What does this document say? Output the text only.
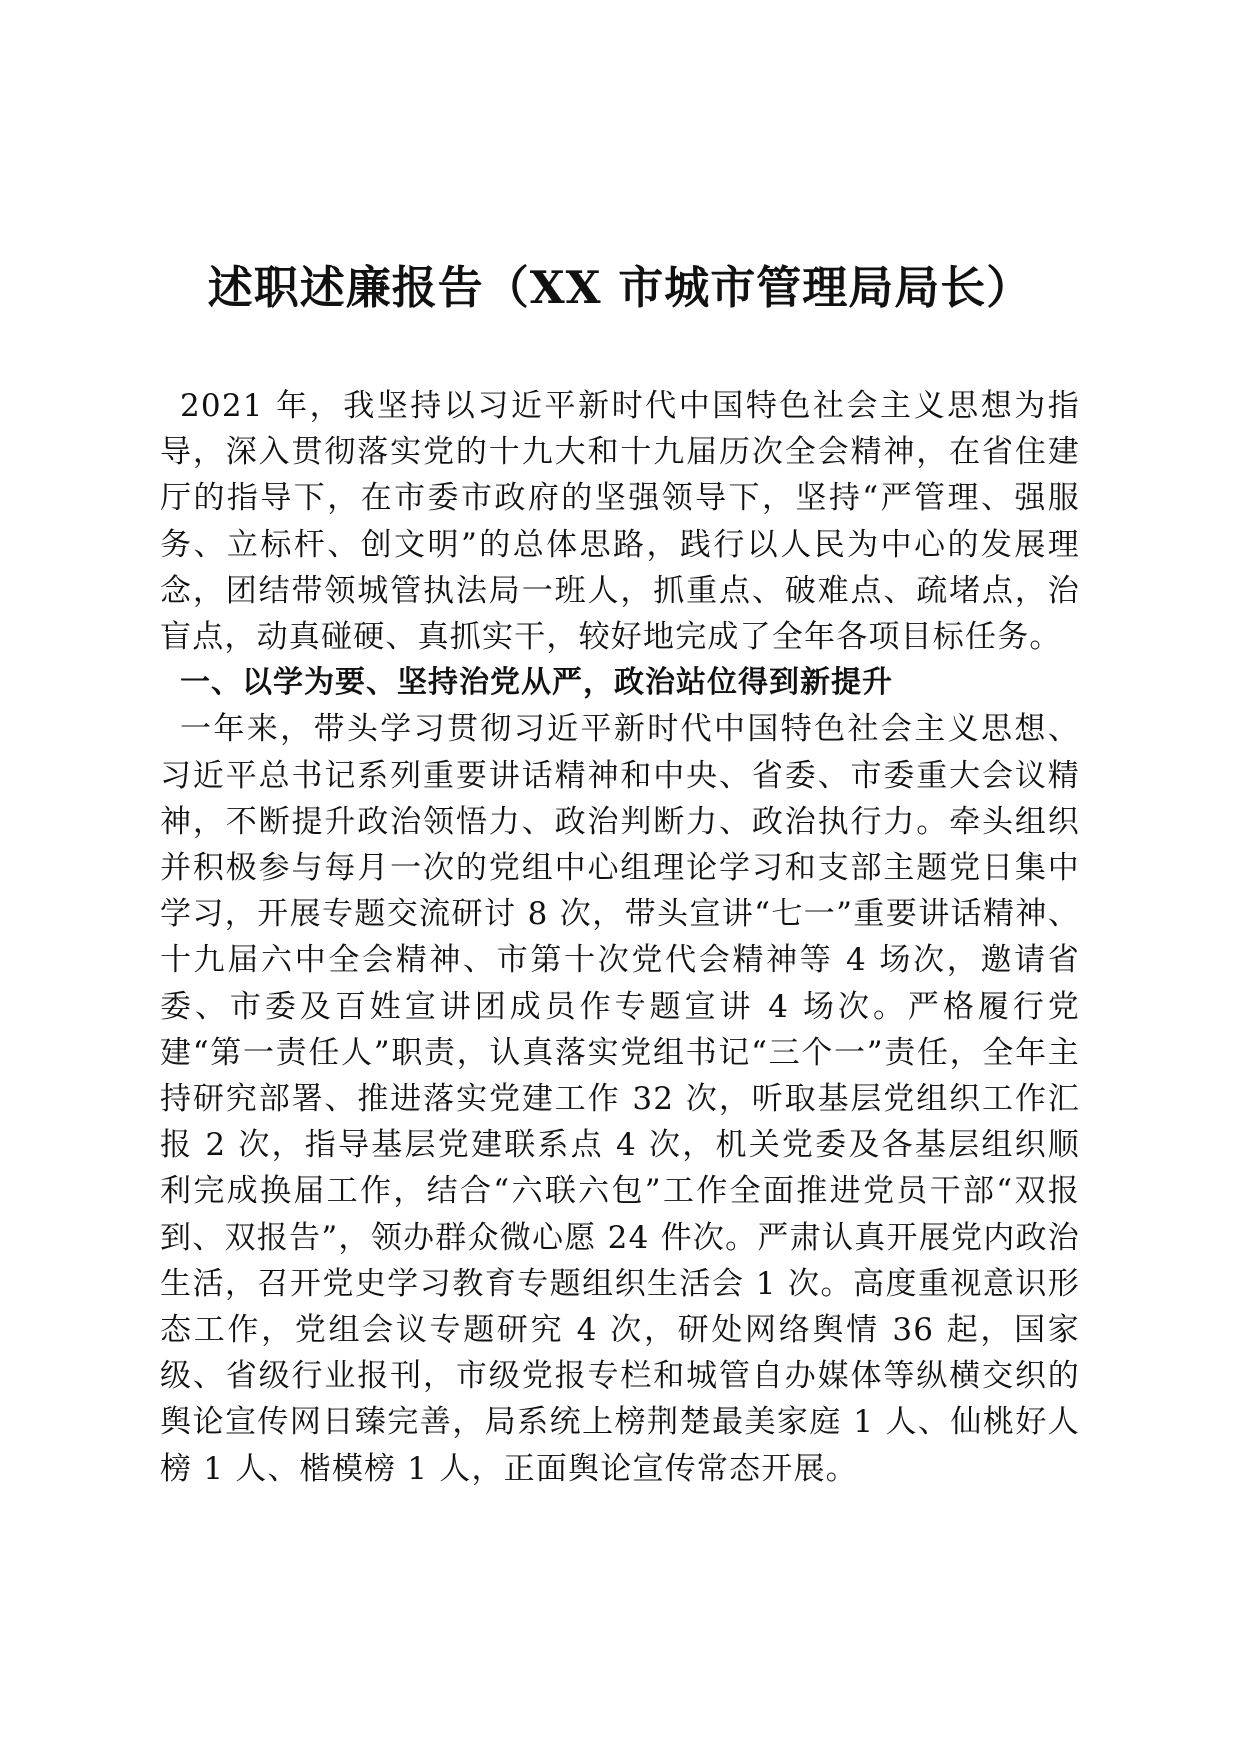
述职述廉报告（XX 市城市管理局局长）

2021 年，我坚持以习近平新时代中国特色社会主义思想为指导，深入贯彻落实党的十九大和十九届历次全会精神，在省住建厅的指导下，在市委市政府的坚强领导下，坚持“严管理、强服务、立标杆、创文明”的总体思路，践行以人民为中心的发展理念，团结带领城管执法局一班人，抓重点、破难点、疏堵点，治盲点，动真碰硬、真抓实干，较好地完成了全年各项目标任务。

一、以学为要、坚持治党从严，政治站位得到新提升

一年来，带头学习贯彻习近平新时代中国特色社会主义思想、习近平总书记系列重要讲话精神和中央、省委、市委重大会议精神，不断提升政治领悟力、政治判断力、政治执行力。牵头组织并积极参与每月一次的党组中心组理论学习和支部主题党日集中学习，开展专题交流研讨 8 次，带头宣讲“七一”重要讲话精神、十九届六中全会精神、市第十次党代会精神等 4 场次，邀请省委、市委及百姓宣讲团成员作专题宣讲 4 场次。严格履行党建“第一责任人”职责，认真落实党组书记“三个一”责任，全年主持研究部署、推进落实党建工作 32 次，听取基层党组织工作汇报 2 次，指导基层党建联系点 4 次，机关党委及各基层组织顺利完成换届工作，结合“六联六包”工作全面推进党员干部“双报到、双报告”，领办群众微心愿 24 件次。严肃认真开展党内政治生活，召开党史学习教育专题组织生活会 1 次。高度重视意识形态工作，党组会议专题研究 4 次，研处网络舆情 36 起，国家级、省级行业报刊，市级党报专栏和城管自办媒体等纵横交织的舆论宣传网日臻完善，局系统上榜荆楚最美家庭 1 人、仙桃好人榜 1 人、楷模榜 1 人，正面舆论宣传常态开展。
